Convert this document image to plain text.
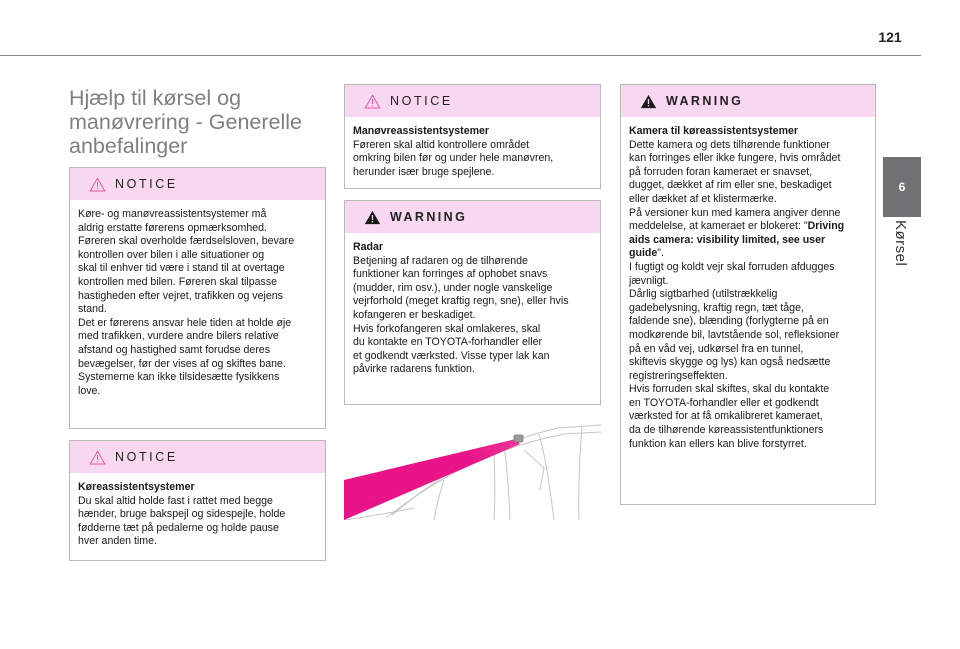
121
6
Kørsel
Hjælp til kørsel og manøvrering - Generelle anbefalinger
NOTICE

Køre- og manøvreassistentsystemer må

aldrig erstatte førerens opmærksomhed.

Føreren skal overholde færdselsloven, bevare

kontrollen over bilen i alle situationer og

skal til enhver tid være i stand til at overtage

kontrollen med bilen. Føreren skal tilpasse

hastigheden efter vejret, trafikken og vejens

stand.

Det er førerens ansvar hele tiden at holde øje

med trafikken, vurdere andre bilers relative

afstand og hastighed samt forudse deres

bevægelser, før der vises af og skiftes bane.

Systemerne kan ikke tilsidesætte fysikkens

love.

NOTICE

Køreassistentsystemer

Du skal altid holde fast i rattet med begge

hænder, bruge bakspejl og sidespejle, holde

fødderne tæt på pedalerne og holde pause

hver anden time.

NOTICE

Manøvreassistentsystemer

Føreren skal altid kontrollere området

omkring bilen før og under hele manøvren,

herunder især bruge spejlene.

WARNING

Radar

Betjening af radaren og de tilhørende

funktioner kan forringes af ophobet snavs

(mudder, rim osv.), under nogle vanskelige

vejrforhold (meget kraftig regn, sne), eller hvis

kofangeren er beskadiget.

Hvis forkofangeren skal omlakeres, skal

du kontakte en TOYOTA-forhandler eller

et godkendt værksted. Visse typer lak kan

påvirke radarens funktion.

WARNING

Kamera til køreassistentsystemer

Dette kamera og dets tilhørende funktioner

kan forringes eller ikke fungere, hvis området

på forruden foran kameraet er snavset,

dugget, dækket af rim eller sne, beskadiget

eller dækket af et klistermærke.

På versioner kun med kamera angiver denne

meddelelse, at kameraet er blokeret: "Driving

aids camera: visibility limited, see user

guide".

I fugtigt og koldt vejr skal forruden afdugges

jævnligt.

Dårlig sigtbarhed (utilstrækkelig

gadebelysning, kraftig regn, tæt tåge,

faldende sne), blænding (forlygterne på en

modkørende bil, lavtstående sol, refleksioner

på en våd vej, udkørsel fra en tunnel,

skiftevis skygge og lys) kan også nedsætte

registreringseffekten.

Hvis forruden skal skiftes, skal du kontakte

en TOYOTA-forhandler eller et godkendt

værksted for at få omkalibreret kameraet,

da de tilhørende køreassistentfunktioners

funktion kan ellers kan blive forstyrret.
